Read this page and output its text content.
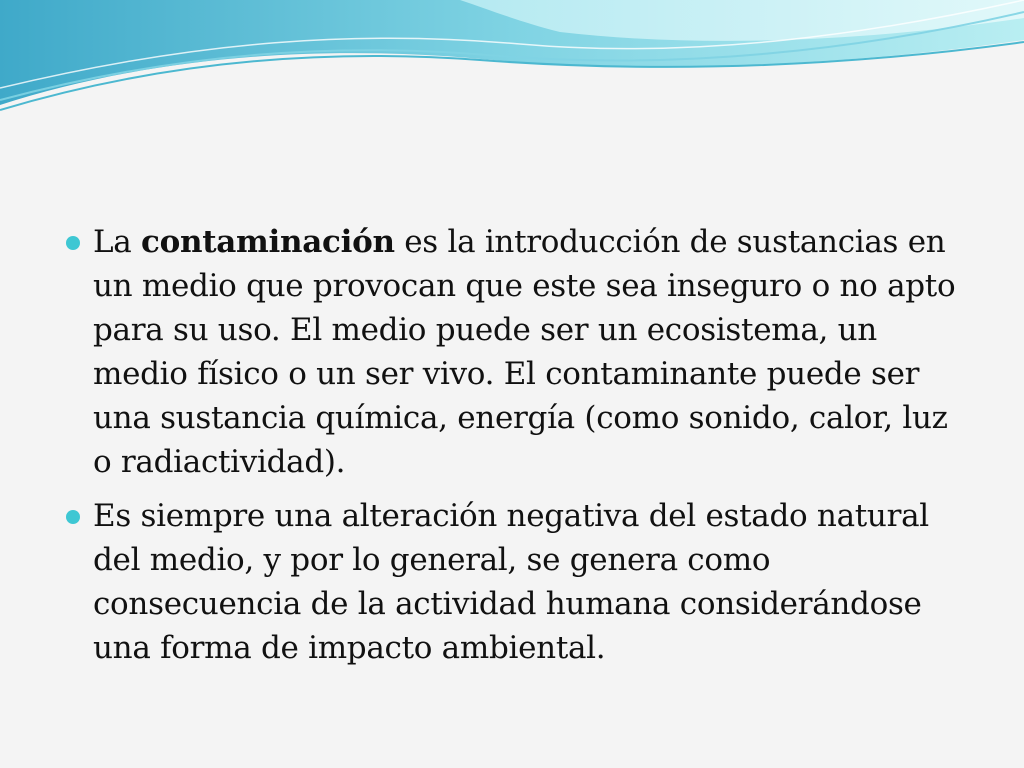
La contaminación es la introducción de sustancias en un medio que provocan que este sea inseguro o no apto para su uso. El medio puede ser un ecosistema, un medio físico o un ser vivo. El contaminante puede ser una sustancia química, energía (como sonido, calor, luz o radiactividad).
Es siempre una alteración negativa del estado natural del medio, y por lo general, se genera como consecuencia de la actividad humana considerándose una forma de impacto ambiental.
